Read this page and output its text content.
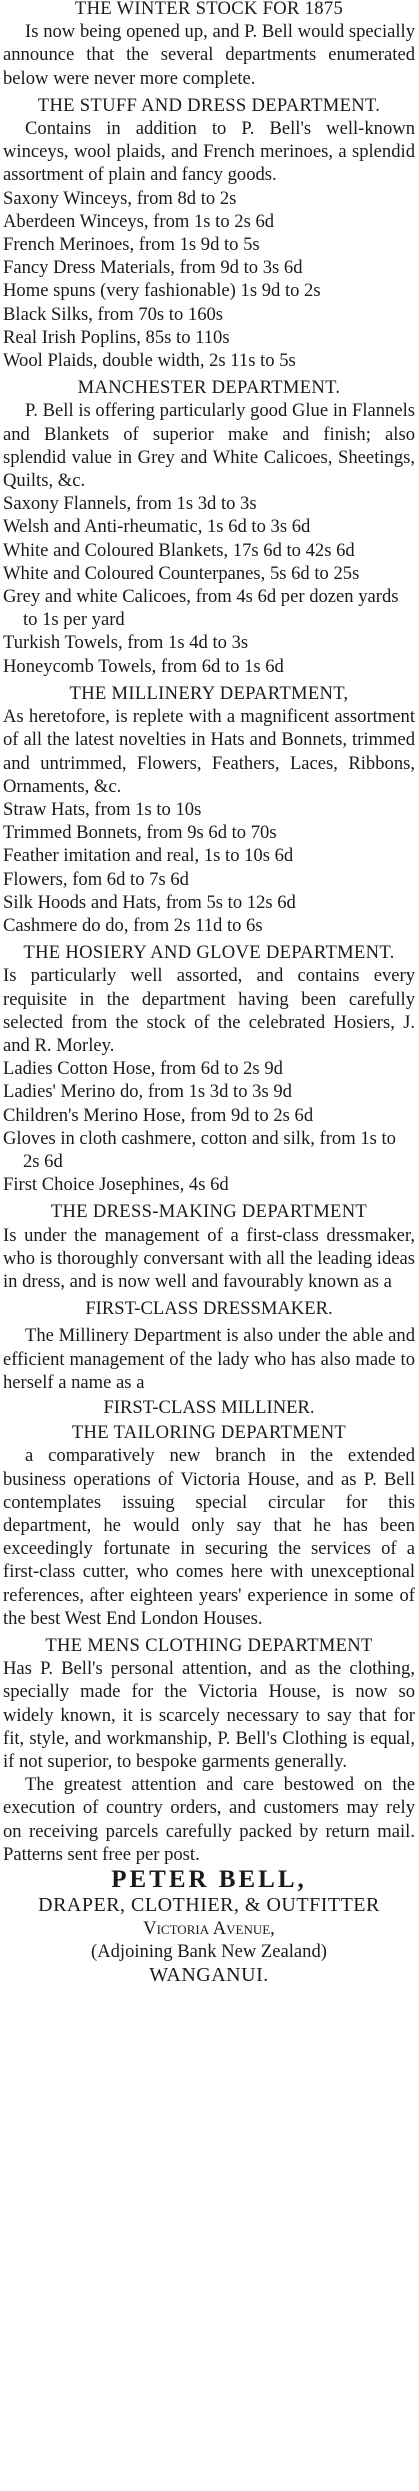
THE WINTER STOCK FOR 1875
Is now being opened up, and P. Bell would specially announce that the several departments enumerated below were never more complete.
THE STUFF AND DRESS DEPARTMENT.
Contains in addition to P. Bell's well-known winceys, wool plaids, and French merinoes, a splendid assortment of plain and fancy goods.
Saxony Winceys, from 8d to 2s
Aberdeen Winceys, from 1s to 2s 6d
French Merinoes, from 1s 9d to 5s
Fancy Dress Materials, from 9d to 3s 6d
Home spuns (very fashionable) 1s 9d to 2s
Black Silks, from 70s to 160s
Real Irish Poplins, 85s to 110s
Wool Plaids, double width, 2s 11s to 5s
MANCHESTER DEPARTMENT.
P. Bell is offering particularly good Glue in Flannels and Blankets of superior make and finish; also splendid value in Grey and White Calicoes, Sheetings, Quilts, &c.
Saxony Flannels, from 1s 3d to 3s
Welsh and Anti-rheumatic, 1s 6d to 3s 6d
White and Coloured Blankets, 17s 6d to 42s 6d
White and Coloured Counterpanes, 5s 6d to 25s
Grey and white Calicoes, from 4s 6d per dozen yards to 1s per yard
Turkish Towels, from 1s 4d to 3s
Honeycomb Towels, from 6d to 1s 6d
THE MILLINERY DEPARTMENT,
As heretofore, is replete with a magnificent assortment of all the latest novelties in Hats and Bonnets, trimmed and untrimmed, Flowers, Feathers, Laces, Ribbons, Ornaments, &c.
Straw Hats, from 1s to 10s
Trimmed Bonnets, from 9s 6d to 70s
Feather imitation and real, 1s to 10s 6d
Flowers, fom 6d to 7s 6d
Silk Hoods and Hats, from 5s to 12s 6d
Cashmere do do, from 2s 11d to 6s
THE HOSIERY AND GLOVE DEPARTMENT.
Is particularly well assorted, and contains every requisite in the department having been carefully selected from the stock of the celebrated Hosiers, J. and R. Morley.
Ladies Cotton Hose, from 6d to 2s 9d
Ladies' Merino do, from 1s 3d to 3s 9d
Children's Merino Hose, from 9d to 2s 6d
Gloves in cloth cashmere, cotton and silk, from 1s to 2s 6d
First Choice Josephines, 4s 6d
THE DRESS-MAKING DEPARTMENT
Is under the management of a first-class dressmaker, who is thoroughly conversant with all the leading ideas in dress, and is now well and favourably known as a
FIRST-CLASS DRESSMAKER.
The Millinery Department is also under the able and efficient management of the lady who has also made to herself a name as a
FIRST-CLASS MILLINER.
THE TAILORING DEPARTMENT
a comparatively new branch in the extended business operations of Victoria House, and as P. Bell contemplates issuing special circular for this department, he would only say that he has been exceedingly fortunate in securing the services of a first-class cutter, who comes here with unexceptional references, after eighteen years' experience in some of the best West End London Houses.
THE MENS CLOTHING DEPARTMENT
Has P. Bell's personal attention, and as the clothing, specially made for the Victoria House, is now so widely known, it is scarcely necessary to say that for fit, style, and workmanship, P. Bell's Clothing is equal, if not superior, to bespoke garments generally.
The greatest attention and care bestowed on the execution of country orders, and customers may rely on receiving parcels carefully packed by return mail. Patterns sent free per post.
PETER BELL,
DRAPER, CLOTHIER, & OUTFITTER
Victoria Avenue,
(Adjoining Bank New Zealand)
WANGANUI.
